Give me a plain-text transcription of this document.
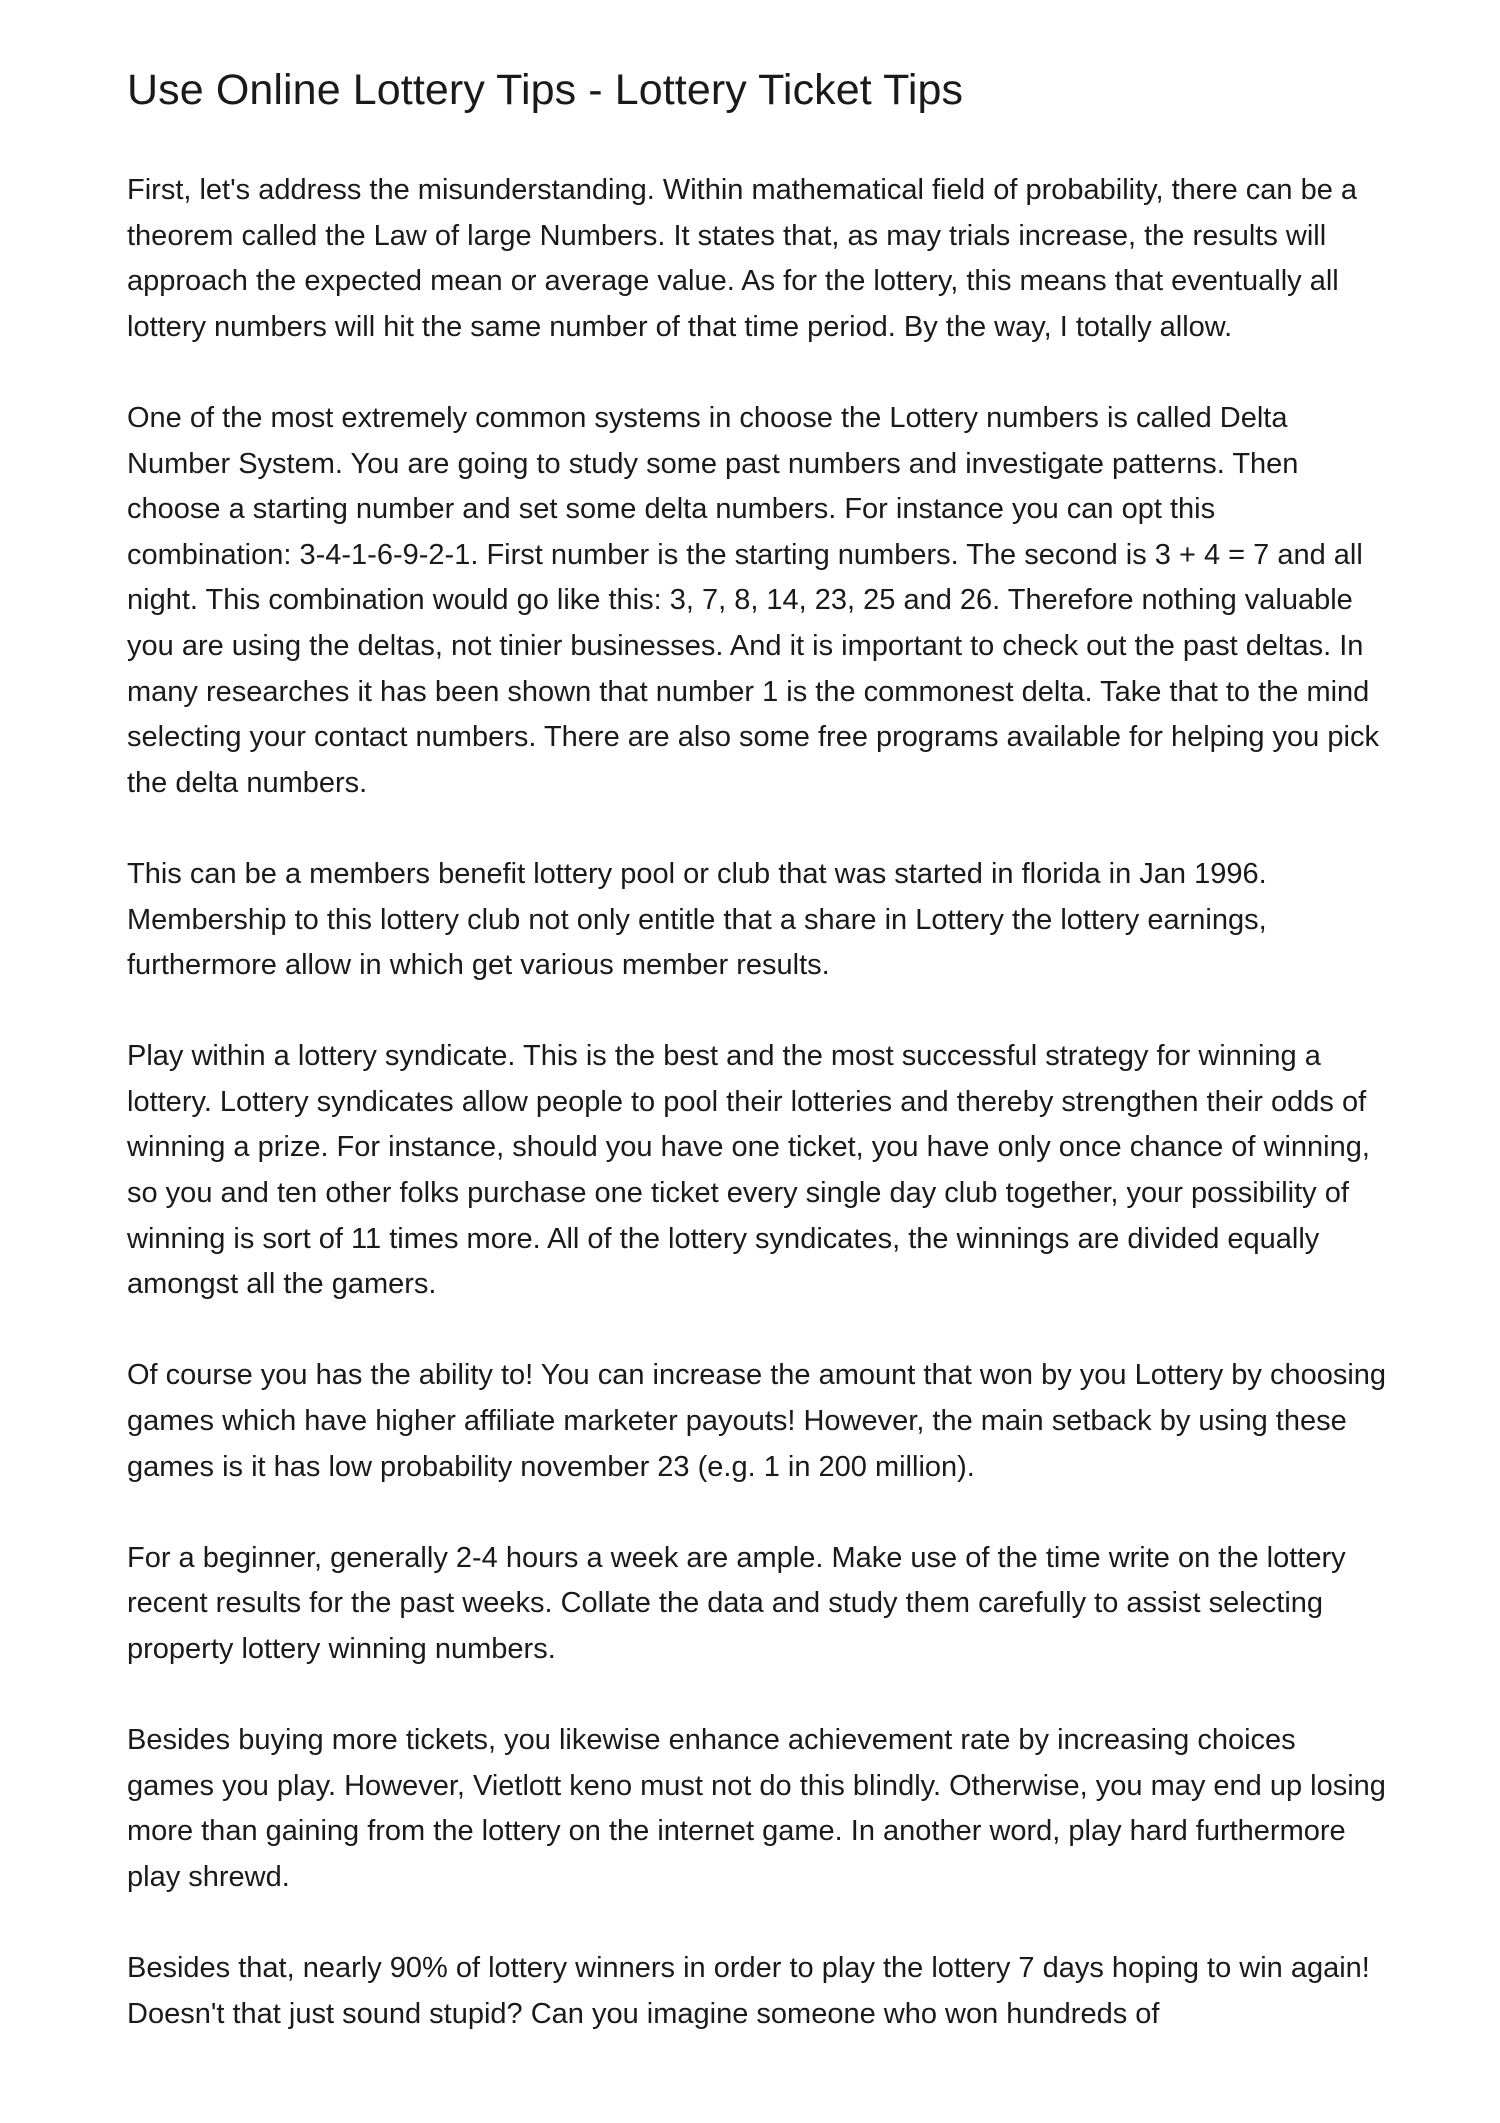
Use Online Lottery Tips - Lottery Ticket Tips

First, let's address the misunderstanding. Within mathematical field of probability, there can be a theorem called the Law of large Numbers. It states that, as may trials increase, the results will approach the expected mean or average value. As for the lottery, this means that eventually all lottery numbers will hit the same number of that time period. By the way, I totally allow.

One of the most extremely common systems in choose the Lottery numbers is called Delta Number System. You are going to study some past numbers and investigate patterns. Then choose a starting number and set some delta numbers. For instance you can opt this combination: 3-4-1-6-9-2-1. First number is the starting numbers. The second is 3 + 4 = 7 and all night. This combination would go like this: 3, 7, 8, 14, 23, 25 and 26. Therefore nothing valuable you are using the deltas, not tinier businesses. And it is important to check out the past deltas. In many researches it has been shown that number 1 is the commonest delta. Take that to the mind selecting your contact numbers. There are also some free programs available for helping you pick the delta numbers.

This can be a members benefit lottery pool or club that was started in florida in Jan 1996. Membership to this lottery club not only entitle that a share in Lottery the lottery earnings, furthermore allow in which get various member results.

Play within a lottery syndicate. This is the best and the most successful strategy for winning a lottery. Lottery syndicates allow people to pool their lotteries and thereby strengthen their odds of winning a prize. For instance, should you have one ticket, you have only once chance of winning, so you and ten other folks purchase one ticket every single day club together, your possibility of winning is sort of 11 times more. All of the lottery syndicates, the winnings are divided equally amongst all the gamers.

Of course you has the ability to! You can increase the amount that won by you Lottery by choosing games which have higher affiliate marketer payouts! However, the main setback by using these games is it has low probability november 23 (e.g. 1 in 200 million).

For a beginner, generally 2-4 hours a week are ample. Make use of the time write on the lottery recent results for the past weeks. Collate the data and study them carefully to assist selecting property lottery winning numbers.

Besides buying more tickets, you likewise enhance achievement rate by increasing choices games you play. However, Vietlott keno must not do this blindly. Otherwise, you may end up losing more than gaining from the lottery on the internet game. In another word, play hard furthermore play shrewd.

Besides that, nearly 90% of lottery winners in order to play the lottery 7 days hoping to win again! Doesn't that just sound stupid? Can you imagine someone who won hundreds of
